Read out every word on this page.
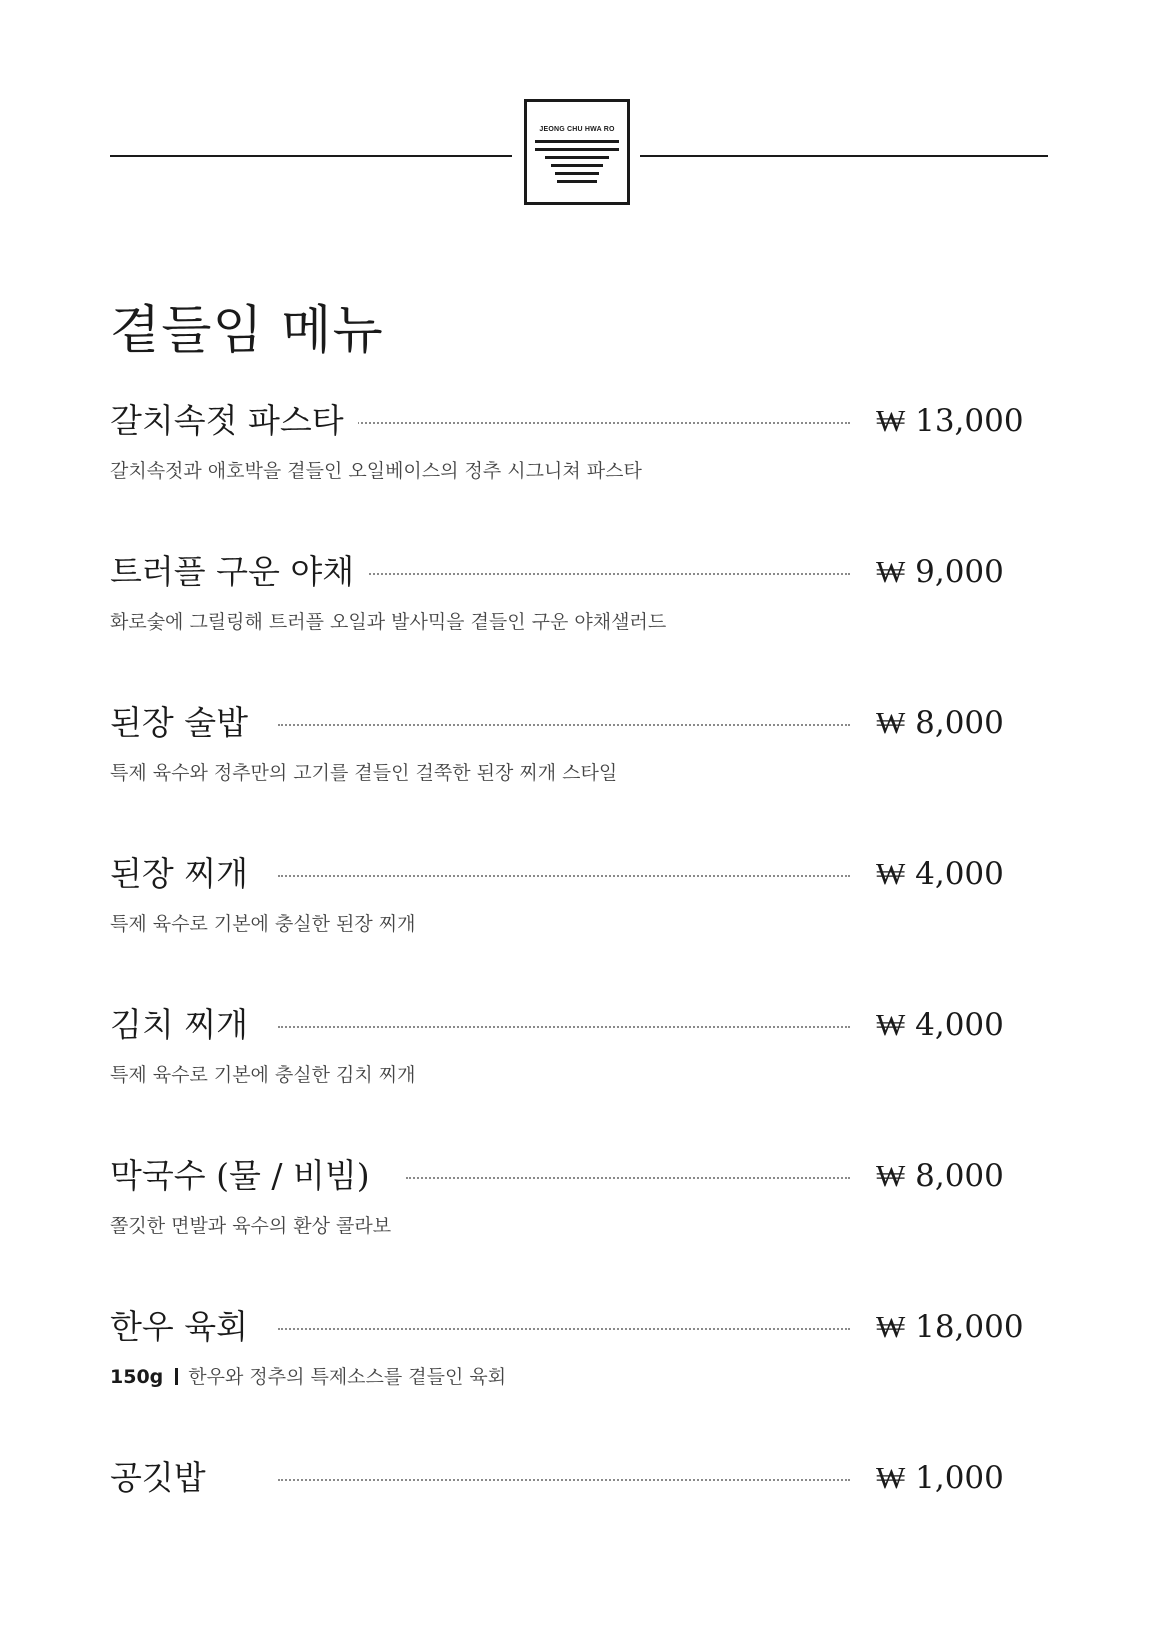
JEONG CHU HWA RO
곁들임 메뉴
갈치속젓 파스타	₩ 13,000
갈치속젓과 애호박을 곁들인 오일베이스의 정추 시그니쳐 파스타
트러플 구운 야채	₩ 9,000
화로숯에 그릴링해 트러플 오일과 발사믹을 곁들인 구운 야채샐러드
된장 술밥	₩ 8,000
특제 육수와 정추만의 고기를 곁들인 걸쭉한 된장 찌개 스타일
된장 찌개	₩ 4,000
특제 육수로 기본에 충실한 된장 찌개
김치 찌개	₩ 4,000
특제 육수로 기본에 충실한 김치 찌개
막국수 (물 / 비빔)	₩ 8,000
쫄깃한 면발과 육수의 환상 콜라보
한우 육회	₩ 18,000
150g 한우와 정추의 특제소스를 곁들인 육회
공깃밥	₩ 1,000
